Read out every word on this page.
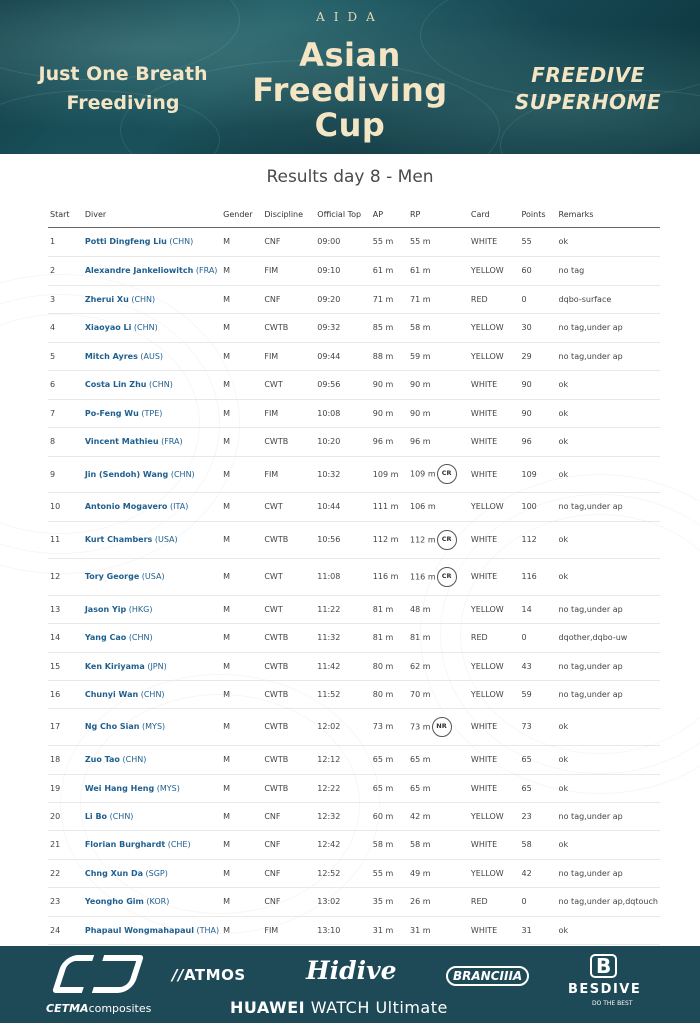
AIDA
Asian
Freediving
Cup
Just One Breath
Freediving
FREEDIVE
SUPERHOME
Results day 8 - Men
Start	Diver	Gender	Discipline	Official Top	AP	RP	Card	Points	Remarks
1	Potti Dingfeng Liu (CHN)	M	CNF	09:00	55 m	55 m	WHITE	55	ok
2	Alexandre Jankeliowitch (FRA)	M	FIM	09:10	61 m	61 m	YELLOW	60	no tag
3	Zherui Xu (CHN)	M	CNF	09:20	71 m	71 m	RED	0	dqbo-surface
4	Xiaoyao Li (CHN)	M	CWTB	09:32	85 m	58 m	YELLOW	30	no tag,under ap
5	Mitch Ayres (AUS)	M	FIM	09:44	88 m	59 m	YELLOW	29	no tag,under ap
6	Costa Lin Zhu (CHN)	M	CWT	09:56	90 m	90 m	WHITE	90	ok
7	Po-Feng Wu (TPE)	M	FIM	10:08	90 m	90 m	WHITE	90	ok
8	Vincent Mathieu (FRA)	M	CWTB	10:20	96 m	96 m	WHITE	96	ok
9	Jin (Sendoh) Wang (CHN)	M	FIM	10:32	109 m	109 m CR	WHITE	109	ok
10	Antonio Mogavero (ITA)	M	CWT	10:44	111 m	106 m	YELLOW	100	no tag,under ap
11	Kurt Chambers (USA)	M	CWTB	10:56	112 m	112 m CR	WHITE	112	ok
12	Tory George (USA)	M	CWT	11:08	116 m	116 m CR	WHITE	116	ok
13	Jason Yip (HKG)	M	CWT	11:22	81 m	48 m	YELLOW	14	no tag,under ap
14	Yang Cao (CHN)	M	CWTB	11:32	81 m	81 m	RED	0	dqother,dqbo-uw
15	Ken Kiriyama (JPN)	M	CWTB	11:42	80 m	62 m	YELLOW	43	no tag,under ap
16	Chunyi Wan (CHN)	M	CWTB	11:52	80 m	70 m	YELLOW	59	no tag,under ap
17	Ng Cho Sian (MYS)	M	CWTB	12:02	73 m	73 m NR	WHITE	73	ok
18	Zuo Tao (CHN)	M	CWTB	12:12	65 m	65 m	WHITE	65	ok
19	Wei Hang Heng (MYS)	M	CWTB	12:22	65 m	65 m	WHITE	65	ok
20	Li Bo (CHN)	M	CNF	12:32	60 m	42 m	YELLOW	23	no tag,under ap
21	Florian Burghardt (CHE)	M	CNF	12:42	58 m	58 m	WHITE	58	ok
22	Chng Xun Da (SGP)	M	CNF	12:52	55 m	49 m	YELLOW	42	no tag,under ap
23	Yeongho Gim (KOR)	M	CNF	13:02	35 m	26 m	RED	0	no tag,under ap,dqtouch
24	Phapaul Wongmahapaul (THA)	M	FIM	13:10	31 m	31 m	WHITE	31	ok
CETMAcomposites
//ATMOS Hidive	BRANCIIIA	B
BESDIVE
DO THE BEST
HUAWEI WATCH Ultimate
